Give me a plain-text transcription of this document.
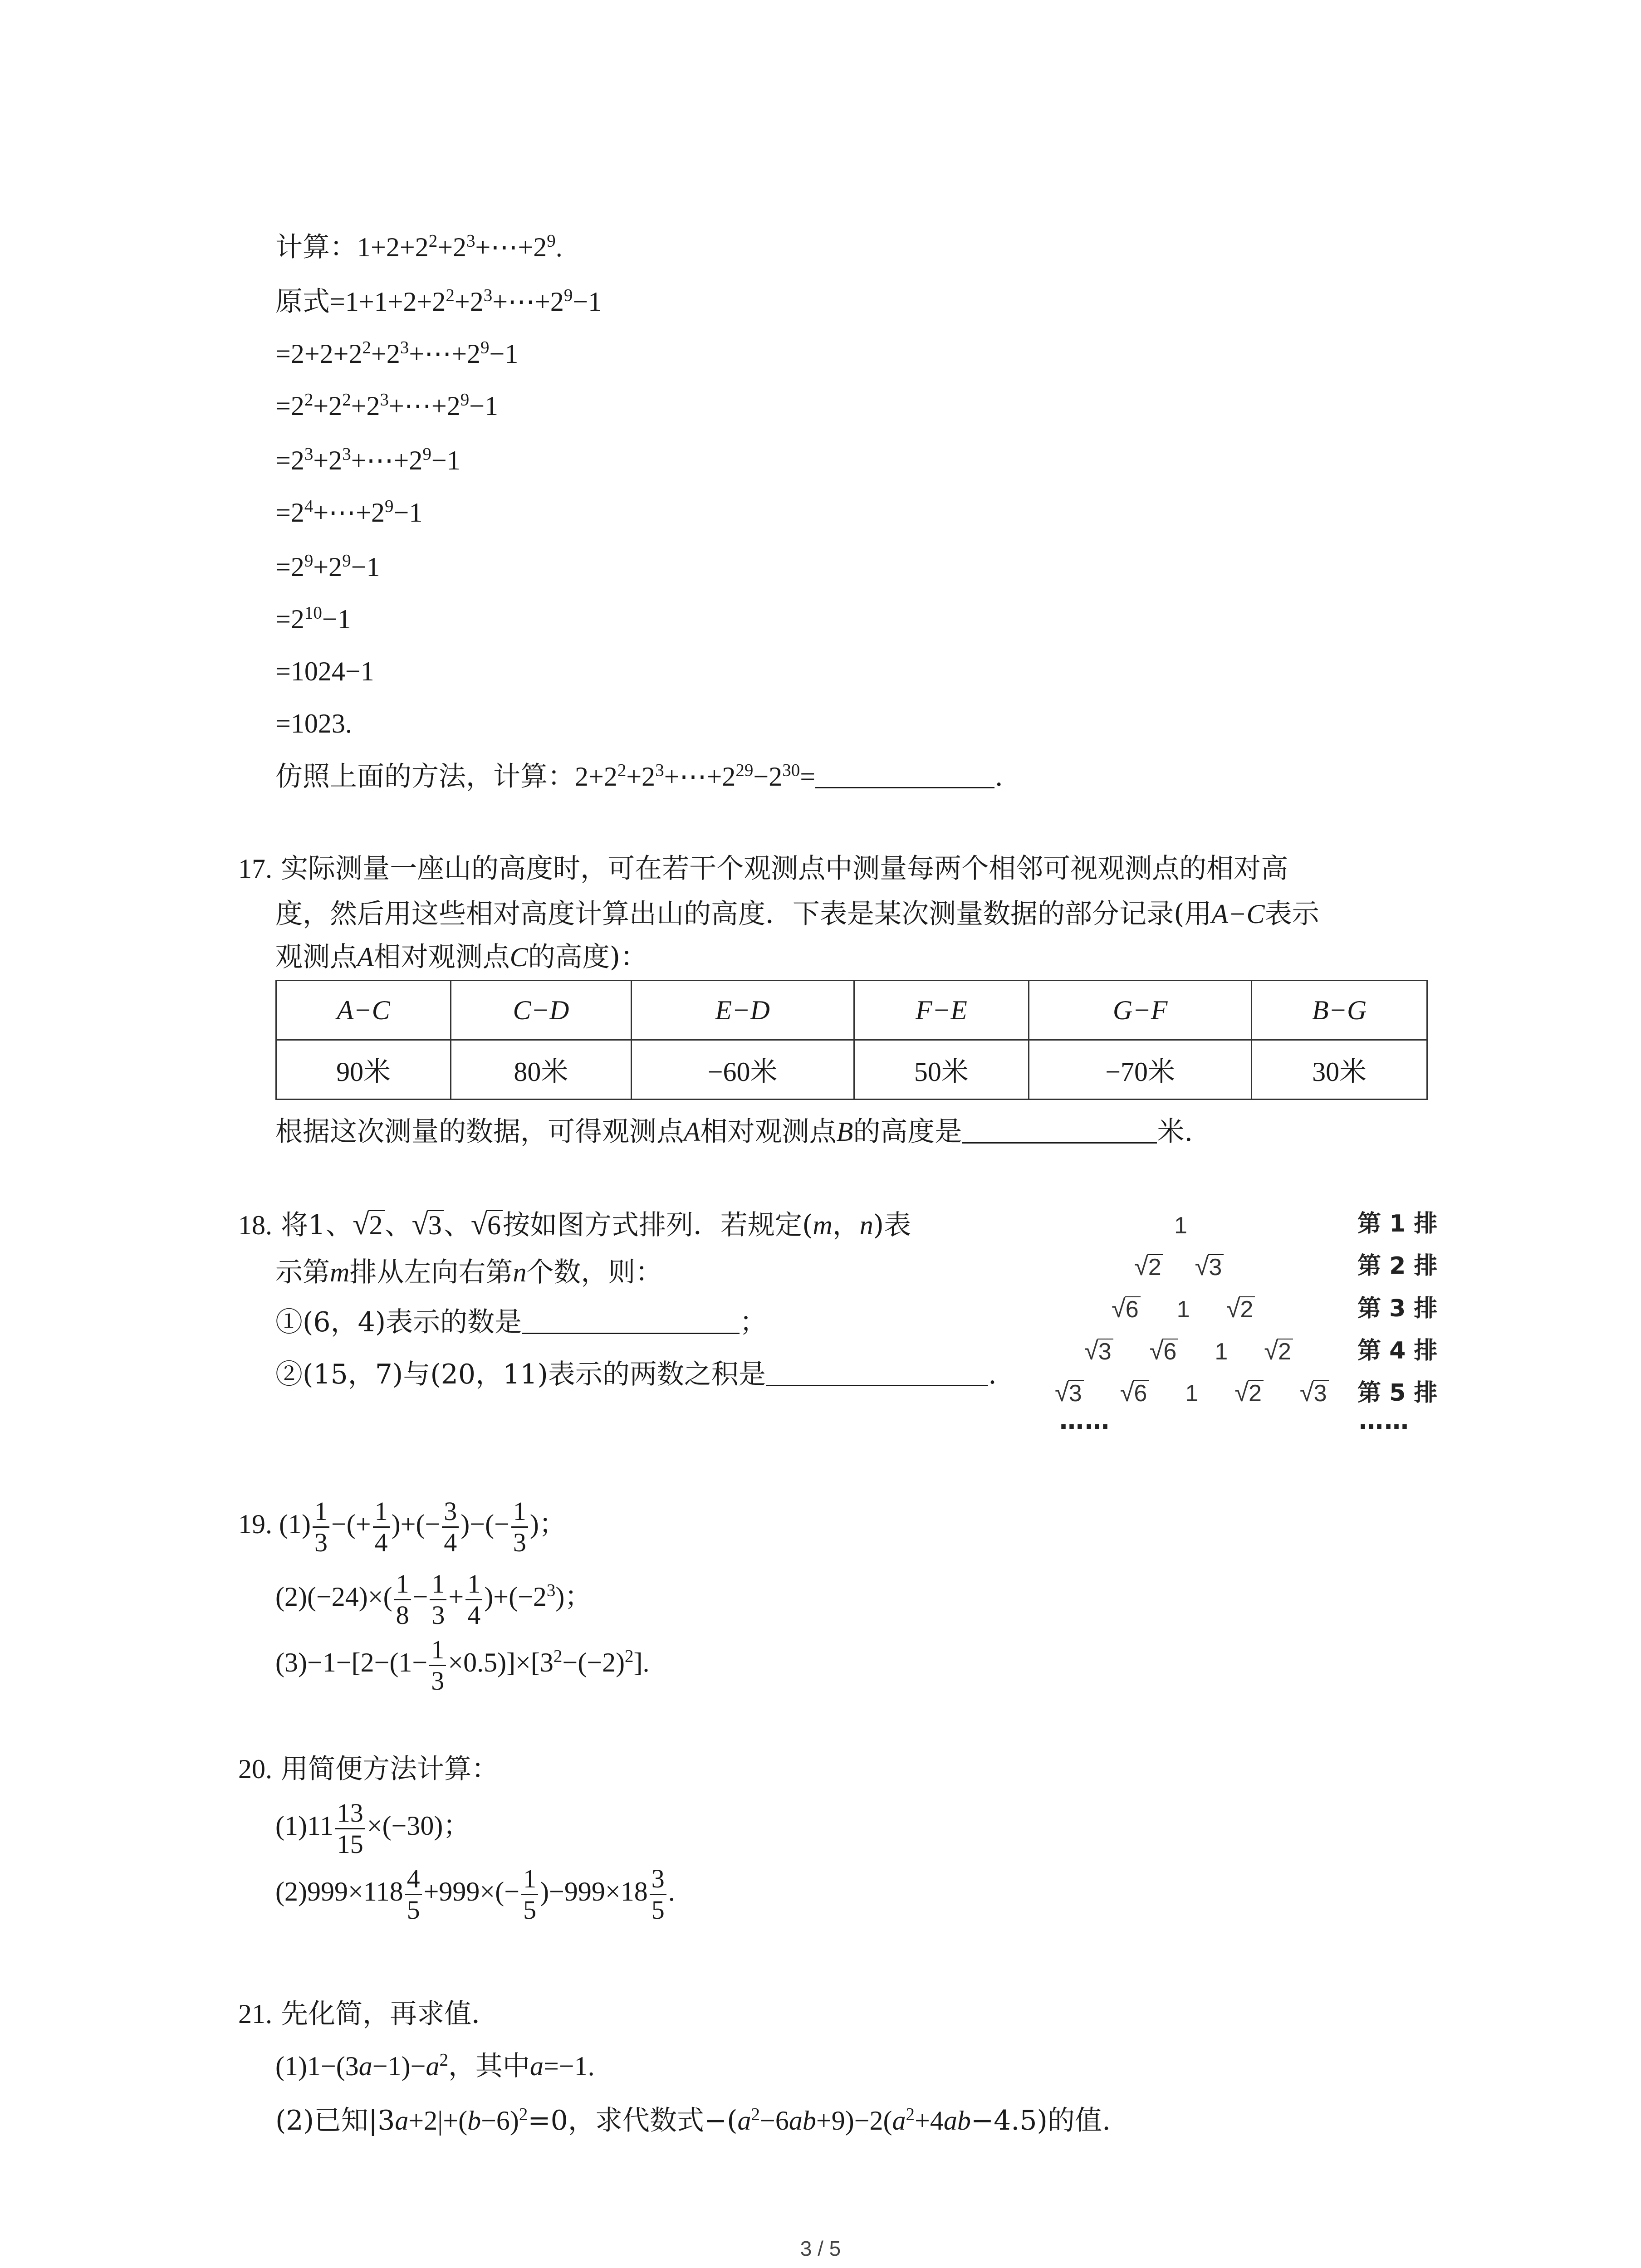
计算：$1+2+2^2+2^3+\cdots+2^9$.
原式$=1+1+2+2^2+2^3+\cdots+2^9-1$
$=2+2+2^2+2^3+\cdots+2^9-1$
$=2^2+2^2+2^3+\cdots+2^9-1$
$=2^3+2^3+\cdots+2^9-1$
$=2^4+\cdots+2^9-1$
$=2^9+2^9-1$
$=2^{10}-1$
=1024−1
=1023.
仿照上面的方法，计算：$2+2^2+2^3+\cdots+2^{29}-2^{30}=$	.
17. 实际测量一座山的高度时，可在若干个观测点中测量每两个相邻可视观测点的相对高
度，然后用这些相对高度计算出山的高度．下表是某次测量数据的部分记录(用A−C表示
观测点A相对观测点C的高度)：
A−C	C−D	E−D	F−E	G−F	B−G
90米	80米	−60米	50米	−70米	30米
根据这次测量的数据，可得观测点A相对观测点B的高度是	米.
18. 将1、√2、√3、√6按如图方式排列．若规定(m，n)表
示第m排从左向右第n个数，则：
①(6，4)表示的数是	；
②(15，7)与(20，11)表示的两数之积是	.
1
√2 √3
√6 1 √2
√3 √6 1 √2
√3 √6 1 √2 √3
……
第 1 排
第 2 排
第 3 排
第 4 排
第 5 排
……
19. $(1) \frac{1}{3}$ −(+ $\frac{1}{4}$ )+(− $\frac{3}{4}$ )−(− $\frac{1}{3}$ )；
$(2)(-24)\times( \frac{1}{8} - \frac{1}{3} + \frac{1}{4} )+(-2^3)$；
$(3)-1-[2-(1- \frac{1}{3} \times 0.5)]\times[3^2-(-2)^2]$.
20. 用简便方法计算：
$(1)11 \frac{13}{15} \times(-30)$；
$(2)999\times 118 \frac{4}{5} +999\times(- \frac{1}{5} )-999\times 18 \frac{3}{5}$ .
21. 先化简，再求值．
$(1)1-(3a-1)-a^2$，其中a=−1.
(2)已知$|3a+2|+(b-6)^2=0$，求代数式$-(a^2-6ab+9)-2(a^2+4ab-4.5)$的值.
3 / 5
